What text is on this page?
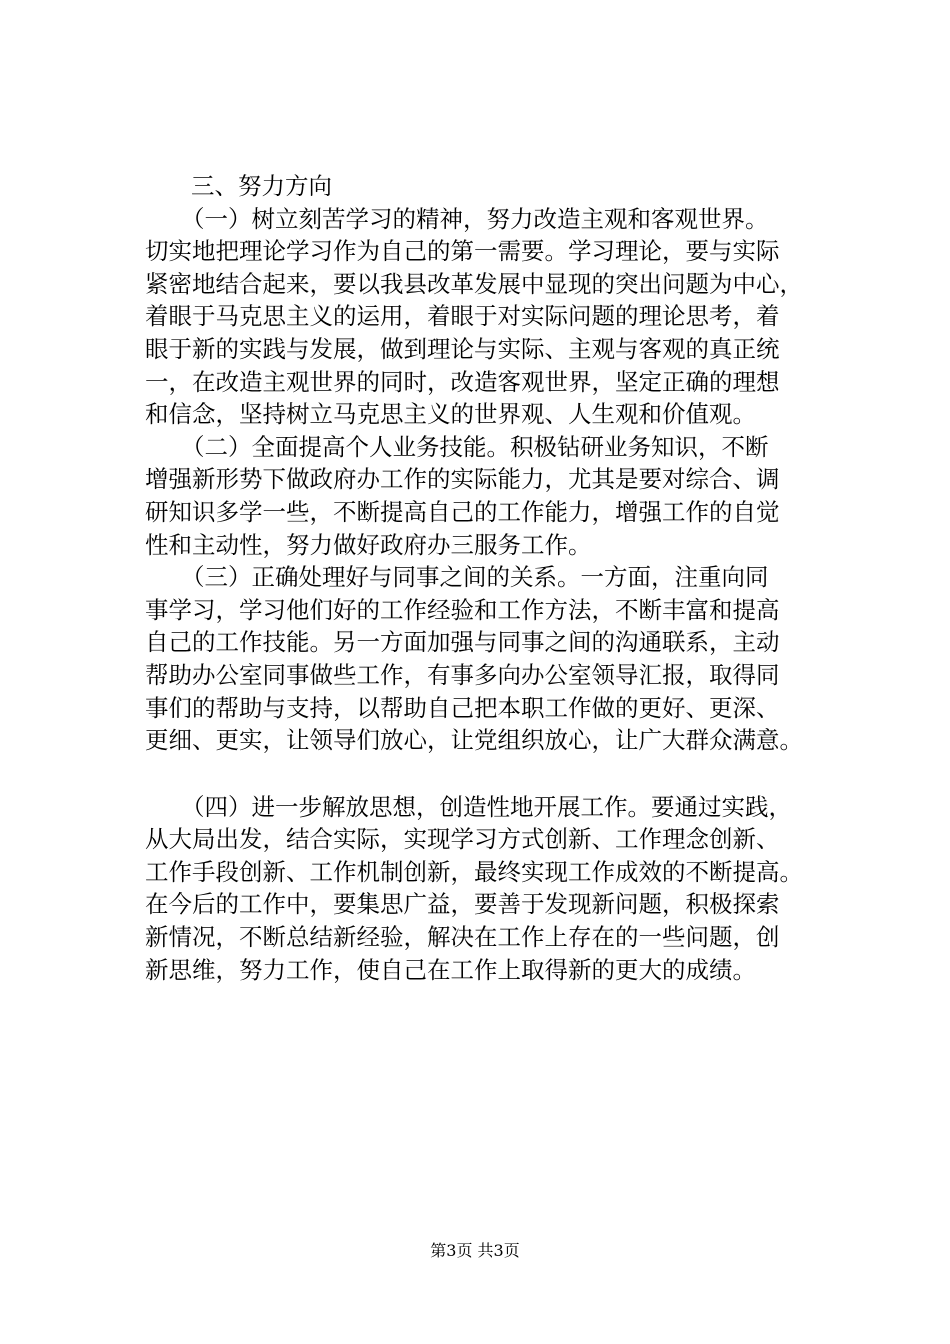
三、努力方向
（一）树立刻苦学习的精神，努力改造主观和客观世界。
切实地把理论学习作为自己的第一需要。学习理论，要与实际
紧密地结合起来，要以我县改革发展中显现的突出问题为中心，
着眼于马克思主义的运用，着眼于对实际问题的理论思考，着
眼于新的实践与发展，做到理论与实际、主观与客观的真正统
一，在改造主观世界的同时，改造客观世界，坚定正确的理想
和信念，坚持树立马克思主义的世界观、人生观和价值观。
（二）全面提高个人业务技能。积极钻研业务知识，不断
增强新形势下做政府办工作的实际能力，尤其是要对综合、调
研知识多学一些，不断提高自己的工作能力，增强工作的自觉
性和主动性，努力做好政府办三服务工作。
（三）正确处理好与同事之间的关系。一方面，注重向同
事学习，学习他们好的工作经验和工作方法，不断丰富和提高
自己的工作技能。另一方面加强与同事之间的沟通联系，主动
帮助办公室同事做些工作，有事多向办公室领导汇报，取得同
事们的帮助与支持，以帮助自己把本职工作做的更好、更深、
更细、更实，让领导们放心，让党组织放心，让广大群众满意。
（四）进一步解放思想，创造性地开展工作。要通过实践，
从大局出发，结合实际，实现学习方式创新、工作理念创新、
工作手段创新、工作机制创新，最终实现工作成效的不断提高。
在今后的工作中，要集思广益，要善于发现新问题，积极探索
新情况，不断总结新经验，解决在工作上存在的一些问题，创
新思维，努力工作，使自己在工作上取得新的更大的成绩。
第3页 共3页
